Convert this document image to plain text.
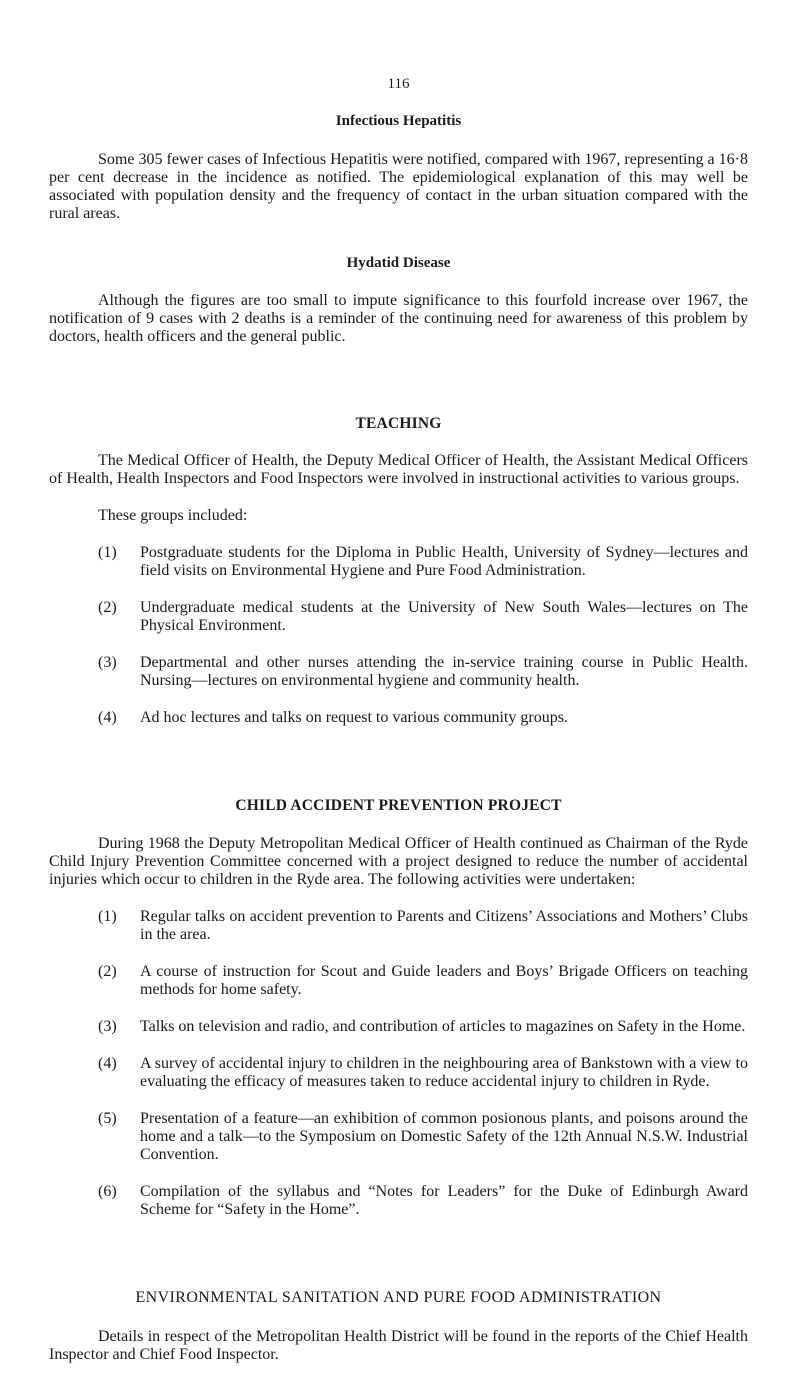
116
Infectious Hepatitis

Some 305 fewer cases of Infectious Hepatitis were notified, compared with 1967, representing a 16·8 per cent decrease in the incidence as notified. The epidemiological explanation of this may well be associated with population density and the frequency of contact in the urban situation compared with the rural areas.

Hydatid Disease

Although the figures are too small to impute significance to this fourfold increase over 1967, the notification of 9 cases with 2 deaths is a reminder of the continuing need for awareness of this problem by doctors, health officers and the general public.

TEACHING

The Medical Officer of Health, the Deputy Medical Officer of Health, the Assistant Medical Officers of Health, Health Inspectors and Food Inspectors were involved in instructional activities to various groups.

These groups included:

(1) Postgraduate students for the Diploma in Public Health, University of Sydney—lectures and field visits on Environmental Hygiene and Pure Food Administration.
(2) Undergraduate medical students at the University of New South Wales—lectures on The Physical Environment.
(3) Departmental and other nurses attending the in-service training course in Public Health. Nursing—lectures on environmental hygiene and community health.
(4) Ad hoc lectures and talks on request to various community groups.
CHILD ACCIDENT PREVENTION PROJECT

During 1968 the Deputy Metropolitan Medical Officer of Health continued as Chairman of the Ryde Child Injury Prevention Committee concerned with a project designed to reduce the number of accidental injuries which occur to children in the Ryde area. The following activities were undertaken:

(1) Regular talks on accident prevention to Parents and Citizens’ Associations and Mothers’ Clubs in the area.
(2) A course of instruction for Scout and Guide leaders and Boys’ Brigade Officers on teaching methods for home safety.
(3) Talks on television and radio, and contribution of articles to magazines on Safety in the Home.
(4) A survey of accidental injury to children in the neighbouring area of Bankstown with a view to evaluating the efficacy of measures taken to reduce accidental injury to children in Ryde.
(5) Presentation of a feature—an exhibition of common posionous plants, and poisons around the home and a talk—to the Symposium on Domestic Safety of the 12th Annual N.S.W. Industrial Convention.
(6) Compilation of the syllabus and “Notes for Leaders” for the Duke of Edinburgh Award Scheme for “Safety in the Home”.
ENVIRONMENTAL SANITATION AND PURE FOOD ADMINISTRATION

Details in respect of the Metropolitan Health District will be found in the reports of the Chief Health Inspector and Chief Food Inspector.
